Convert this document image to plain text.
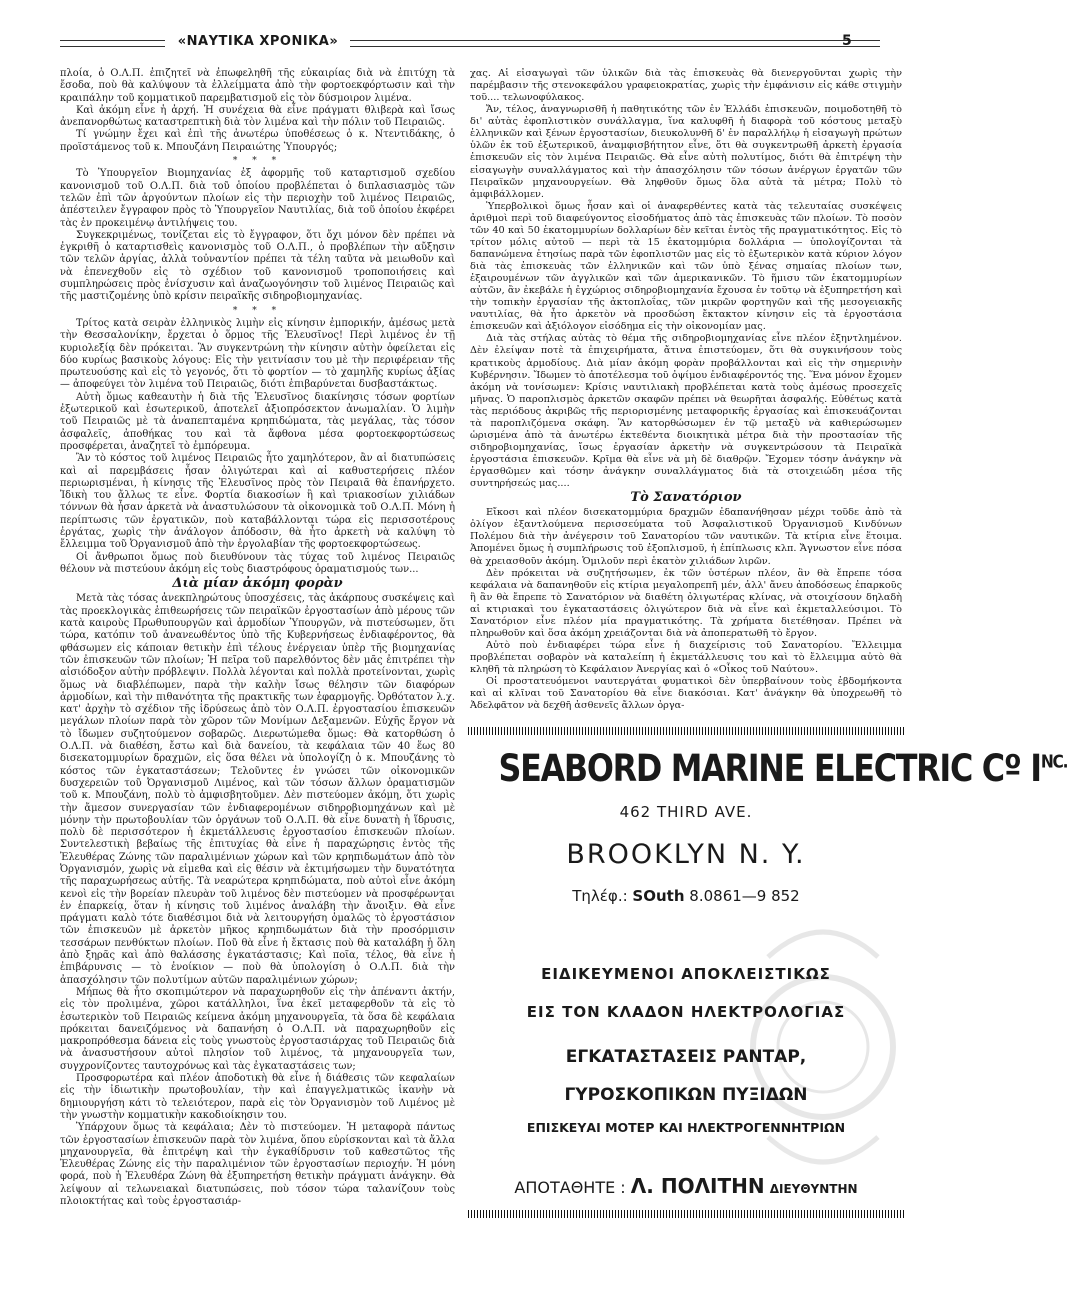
«ΝΑΥΤΙΚΑ ΧΡΟΝΙΚΑ»	5

πλοία, ὁ Ο.Λ.Π. ἐπιζητεῖ νὰ ἐπωφεληθῆ τῆς εὐκαιρίας διὰ νὰ ἐπιτύχη τὰ ἔσοδα, ποὺ θὰ καλύψουν τὰ ἐλλείμματα ἀπὸ τὴν φορτοεκφόρτωσιν καὶ τὴν κραιπάλην τοῦ κομματικοῦ παρεμβατισμοῦ εἰς τὸν δύσμοιρον λιμένα.

Καὶ ἀκόμη εἶνε ἡ ἀρχή. Ἡ συνέχεια θὰ εἶνε πράγματι θλιβερὰ καὶ ἴσως ἀνεπανορθώτως καταστρεπτικὴ διὰ τὸν λιμένα καὶ τὴν πόλιν τοῦ Πειραιῶς.

Τί γνώμην ἔχει καὶ ἐπὶ τῆς ἀνωτέρω ὑποθέσεως ὁ κ. Ντεντιδάκης, ὁ προϊστάμενος τοῦ κ. Μπουζάνη Πειραιώτης Ὑπουργός;

* * *

Τὸ Ὑπουργεῖον Βιομηχανίας ἐξ ἀφορμῆς τοῦ καταρτισμοῦ σχεδίου κανονισμοῦ τοῦ Ο.Λ.Π. διὰ τοῦ ὁποίου προβλέπεται ὁ διπλασιασμὸς τῶν τελῶν ἐπὶ τῶν ἀργούντων πλοίων εἰς τὴν περιοχὴν τοῦ λιμένος Πειραιῶς, ἀπέστειλεν ἔγγραφον πρὸς τὸ Ὑπουργεῖον Ναυτιλίας, διὰ τοῦ ὁποίου ἐκφέρει τὰς ἐν προκειμένῳ ἀντιλήψεις του.

Συγκεκριμένως, τονίζεται εἰς τὸ ἔγγραφον, ὅτι ὄχι μόνον δὲν πρέπει νὰ ἐγκριθῆ ὁ καταρτισθεὶς κανονισμὸς τοῦ Ο.Λ.Π., ὁ προβλέπων τὴν αὔξησιν τῶν τελῶν ἀργίας, ἀλλὰ τοὐναντίον πρέπει τὰ τέλη ταῦτα νὰ μειωθοῦν καὶ νὰ ἐπενεχθοῦν εἰς τὸ σχέδιον τοῦ κανονισμοῦ τροποποιήσεις καὶ συμπληρώσεις πρὸς ἐνίσχυσιν καὶ ἀναζωογόνησιν τοῦ λιμένος Πειραιῶς καὶ τῆς μαστιζομένης ὑπὸ κρίσιν πειραϊκῆς σιδηροβιομηχανίας.

* * *

Τρίτος κατὰ σειρὰν ἑλληνικὸς λιμὴν εἰς κίνησιν ἐμπορικήν, ἀμέσως μετὰ τὴν Θεσσαλονίκην, ἔρχεται ὁ ὅρμος τῆς Ἐλευσῖνος! Περὶ λιμένος ἐν τῇ κυριολεξίᾳ δὲν πρόκειται. Ἂν συγκεντρώνη τὴν κίνησιν αὐτὴν ὀφείλεται εἰς δύο κυρίως βασικοὺς λόγους: Εἰς τὴν γειτνίασιν του μὲ τὴν περιφέρειαν τῆς πρωτευούσης καὶ εἰς τὸ γεγονός, ὅτι τὸ φορτίον — τὸ χαμηλῆς κυρίως ἀξίας — ἀποφεύγει τὸν λιμένα τοῦ Πειραιῶς, διότι ἐπιβαρύνεται δυσβαστάκτως.

Αὐτὴ ὅμως καθεαυτὴν ἡ διὰ τῆς Ἐλευσῖνος διακίνησις τόσων φορτίων ἐξωτερικοῦ καὶ ἐσωτερικοῦ, ἀποτελεῖ ἀξιοπρόσεκτον ἀνωμαλίαν. Ὁ λιμὴν τοῦ Πειραιῶς μὲ τὰ ἀναπεπταμένα κρηπιδώματα, τὰς μεγάλας, τὰς τόσον ἀσφαλεῖς, ἀποθήκας του καὶ τὰ ἄφθονα μέσα φορτοεκφορτώσεως προσφέρεται, ἀναζητεῖ τὸ ἐμπόρευμα.

Ἂν τὸ κόστος τοῦ λιμένος Πειραιῶς ἦτο χαμηλότερον, ἂν αἱ διατυπώσεις καὶ αἱ παρεμβάσεις ἦσαν ὀλιγώτεραι καὶ αἱ καθυστερήσεις πλέον περιωρισμέναι, ἡ κίνησις τῆς Ἐλευσῖνος πρὸς τὸν Πειραιᾶ θὰ ἐπανήρχετο. Ἰδικὴ του ἄλλως τε εἶνε. Φορτία διακοσίων ἢ καὶ τριακοσίων χιλιάδων τόννων θὰ ἦσαν ἀρκετὰ νὰ ἀναστυλώσουν τὰ οἰκονομικὰ τοῦ Ο.Λ.Π. Μόνη ἡ περίπτωσις τῶν ἐργατικῶν, ποὺ καταβάλλονται τώρα εἰς περισσοτέρους ἐργάτας, χωρὶς τὴν ἀνάλογον ἀπόδοσιν, θὰ ἦτο ἀρκετὴ νὰ καλύψη τὸ ἔλλειμμα τοῦ Ὀργανισμοῦ ἀπὸ τὴν ἐργολαβίαν τῆς φορτοεκφορτώσεως.

Οἱ ἄνθρωποι ὅμως ποὺ διευθύνουν τὰς τύχας τοῦ λιμένος Πειραιῶς θέλουν νὰ πιστεύουν ἀκόμη εἰς τοὺς διαστρόφους ὁραματισμούς των...

Διὰ μίαν ἀκόμη φορὰν

Μετὰ τὰς τόσας ἀνεκπληρώτους ὑποσχέσεις, τὰς ἀκάρπους συσκέψεις καὶ τὰς προεκλογικὰς ἐπιθεωρήσεις τῶν πειραϊκῶν ἐργοστασίων ἀπὸ μέρους τῶν κατὰ καιροὺς Πρωθυπουργῶν καὶ ἁρμοδίων Ὑπουργῶν, νὰ πιστεύσωμεν, ὅτι τώρα, κατόπιν τοῦ ἀνανεωθέντος ὑπὸ τῆς Κυβερνήσεως ἐνδιαφέροντος, θὰ φθάσωμεν εἰς κάποιαν θετικὴν ἐπὶ τέλους ἐνέργειαν ὑπὲρ τῆς βιομηχανίας τῶν ἐπισκευῶν τῶν πλοίων; Ἡ πεῖρα τοῦ παρελθόντος δὲν μᾶς ἐπιτρέπει τὴν αἰσιόδοξον αὐτὴν πρόβλεψιν. Πολλὰ λέγονται καὶ πολλὰ προτείνονται, χωρὶς ὅμως νὰ διαβλέπωμεν, παρὰ τὴν καλὴν ἴσως θέλησιν τῶν διαφόρων ἁρμοδίων, καὶ τὴν πιθανότητα τῆς πρακτικῆς των ἐφαρμογῆς. Ὀρθότατον λ.χ. κατ' ἀρχὴν τὸ σχέδιον τῆς ἱδρύσεως ἀπὸ τὸν Ο.Λ.Π. ἐργοστασίου ἐπισκευῶν μεγάλων πλοίων παρὰ τὸν χῶρον τῶν Μονίμων Δεξαμενῶν. Εὐχῆς ἔργον νὰ τὸ ἴδωμεν συζητούμενον σοβαρῶς. Διερωτώμεθα ὅμως: Θὰ κατορθώση ὁ Ο.Λ.Π. νὰ διαθέση, ἔστω καὶ διὰ δανείου, τὰ κεφάλαια τῶν 40 ἕως 80 δισεκατομμυρίων δραχμῶν, εἰς ὅσα θέλει νὰ ὑπολογίζη ὁ κ. Μπουζάνης τὸ κόστος τῶν ἐγκαταστάσεων; Τελοῦντες ἐν γνώσει τῶν οἰκονομικῶν δυσχερειῶν τοῦ Ὀργανισμοῦ Λιμένος, καὶ τῶν τόσων ἄλλων ὁραματισμῶν τοῦ κ. Μπουζάνη, πολὺ τὸ ἀμφισβητοῦμεν. Δὲν πιστεύομεν ἀκόμη, ὅτι χωρὶς τὴν ἄμεσον συνεργασίαν τῶν ἐνδιαφερομένων σιδηροβιομηχάνων καὶ μὲ μόνην τὴν πρωτοβουλίαν τῶν ὀργάνων τοῦ Ο.Λ.Π. θὰ εἶνε δυνατὴ ἡ ἵδρυσις, πολὺ δὲ περισσότερον ἡ ἐκμετάλλευσις ἐργοστασίου ἐπισκευῶν πλοίων. Συντελεστικὴ βεβαίως τῆς ἐπιτυχίας θὰ εἶνε ἡ παραχώρησις ἐντὸς τῆς Ἐλευθέρας Ζώνης τῶν παραλιμένιων χώρων καὶ τῶν κρηπιδωμάτων ἀπὸ τὸν Ὀργανισμόν, χωρὶς νὰ εἰμεθα καὶ εἰς θέσιν νὰ ἐκτιμήσωμεν τὴν δυνατότητα τῆς παραχωρήσεως αὐτῆς. Τὰ νεαρώτερα κρηπιδώματα, ποὺ αὐτοὶ εἶνε ἀκόμη κενοὶ εἰς τὴν βορείαν πλευρὰν τοῦ λιμένος δὲν πιστεύομεν νὰ προσφέρωνται ἐν ἐπαρκείᾳ, ὅταν ἡ κίνησις τοῦ λιμένος ἀναλάβη τὴν ἄνοιξιν. Θὰ εἶνε πράγματι καλὸ τότε διαθέσιμοι διὰ νὰ λειτουργήση ὁμαλῶς τὸ ἐργοστάσιον τῶν ἐπισκευῶν μὲ ἀρκετὸν μῆκος κρηπιδωμάτων διὰ τὴν προσόρμισιν τεσσάρων πενθύκτων πλοίων. Ποῦ θὰ εἶνε ἡ ἔκτασις ποὺ θὰ καταλάβη ἡ ὅλη ἀπὸ ξηρᾶς καὶ ἀπὸ θαλάσσης ἐγκατάστασις; Καὶ ποῖα, τέλος, θὰ εἶνε ἡ ἐπιβάρυνσις — τὸ ἐνοίκιον — ποὺ θὰ ὑπολογίση ὁ Ο.Λ.Π. διὰ τὴν ἀπασχόλησιν τῶν πολυτίμων αὐτῶν παραλιμένιων χώρων;

Μήπως θὰ ἦτο σκοπιμώτερον νὰ παραχωρηθοῦν εἰς τὴν ἀπέναντι ἀκτήν, εἰς τὸν προλιμένα, χῶροι κατάλληλοι, ἵνα ἐκεῖ μεταφερθοῦν τὰ εἰς τὸ ἐσωτερικὸν τοῦ Πειραιῶς κείμενα ἀκόμη μηχανουργεῖα, τὰ ὅσα δὲ κεφάλαια πρόκειται δανειζόμενος νὰ δαπανήση ὁ Ο.Λ.Π. νὰ παραχωρηθοῦν εἰς μακροπρόθεσμα δάνεια εἰς τοὺς γνωστοὺς ἐργοστασιάρχας τοῦ Πειραιῶς διὰ νὰ ἀνασυστήσουν αὐτοὶ πλησίον τοῦ λιμένος, τὰ μηχανουργεῖα των, συγχρονίζοντες ταυτοχρόνως καὶ τὰς ἐγκαταστάσεις των;

Προσφορωτέρα καὶ πλέον ἀποδοτικὴ θὰ εἶνε ἡ διάθεσις τῶν κεφαλαίων εἰς τὴν ἰδιωτικὴν πρωτοβουλίαν, τὴν καὶ ἐπαγγελματικῶς ἱκανὴν νὰ δημιουργήση κάτι τὸ τελειότερον, παρὰ εἰς τὸν Ὀργανισμὸν τοῦ Λιμένος μὲ τὴν γνωστὴν κομματικὴν κακοδιοίκησιν του.

Ὑπάρχουν ὅμως τὰ κεφάλαια; Δὲν τὸ πιστεύομεν. Ἡ μεταφορὰ πάντως τῶν ἐργοστασίων ἐπισκευῶν παρὰ τὸν λιμένα, ὅπου εὑρίσκονται καὶ τὰ ἄλλα μηχανουργεῖα, θὰ ἐπιτρέψη καὶ τὴν ἐγκαθίδρυσιν τοῦ καθεστῶτος τῆς Ἐλευθέρας Ζώνης εἰς τὴν παραλιμένιον τῶν ἐργοστασίων περιοχήν. Ἡ μόνη φορά, ποὺ ἡ Ἐλευθέρα Ζώνη θὰ ἐξυπηρετήση θετικὴν πράγματι ἀνάγκην. Θὰ λείψουν αἱ τελωνειακαὶ διατυπώσεις, ποὺ τόσον τώρα ταλανίζουν τοὺς πλοιοκτήτας καὶ τοὺς ἐργοστασιάρ-

χας. Αἱ εἰσαγωγαὶ τῶν ὑλικῶν διὰ τὰς ἐπισκευὰς θὰ διενεργοῦνται χωρὶς τὴν παρέμβασιν τῆς στενοκεφάλου γραφειοκρατίας, χωρὶς τὴν ἐμφάνισιν εἰς κάθε στιγμὴν τοῦ.... τελωνοφύλακος.

Ἄν, τέλος, ἀναγνωρισθῆ ἡ παθητικότης τῶν ἐν Ἑλλάδι ἐπισκευῶν, ποιμοδοτηθῆ τὸ δι' αὐτὰς ἐφοπλιστικὸν συνάλλαγμα, ἵνα καλυφθῆ ἡ διαφορὰ τοῦ κόστους μεταξὺ ἑλληνικῶν καὶ ξένων ἐργοστασίων, διευκολυνθῆ δ' ἐν παραλλήλῳ ἡ εἰσαγωγὴ πρώτων ὑλῶν ἐκ τοῦ ἐξωτερικοῦ, ἀναμφισβήτητον εἶνε, ὅτι θὰ συγκεντρωθῆ ἀρκετὴ ἐργασία ἐπισκευῶν εἰς τὸν λιμένα Πειραιῶς. Θὰ εἶνε αὐτὴ πολυτίμος, διότι θὰ ἐπιτρέψη τὴν εἰσαγωγὴν συναλλάγματος καὶ τὴν ἀπασχόλησιν τῶν τόσων ἀνέργων ἐργατῶν τῶν Πειραϊκῶν μηχανουργείων. Θὰ ληφθοῦν ὅμως ὅλα αὐτὰ τὰ μέτρα; Πολὺ τὸ ἀμφιβάλλομεν.

Ὑπερβολικοὶ ὅμως ἦσαν καὶ οἱ ἀναφερθέντες κατὰ τὰς τελευταίας συσκέψεις ἀριθμοὶ περὶ τοῦ διαφεύγοντος εἰσοδήματος ἀπὸ τὰς ἐπισκευὰς τῶν πλοίων. Τὸ ποσὸν τῶν 40 καὶ 50 ἑκατομμυρίων δολλαρίων δὲν κεῖται ἐντὸς τῆς πραγματικότητος. Εἰς τὸ τρίτον μόλις αὐτοῦ — περὶ τὰ 15 ἑκατομμύρια δολλάρια — ὑπολογίζονται τὰ δαπανώμενα ἐτησίως παρὰ τῶν ἐφοπλιστῶν μας εἰς τὸ ἐξωτερικὸν κατὰ κύριον λόγον διὰ τὰς ἐπισκευὰς τῶν ἑλληνικῶν καὶ τῶν ὑπὸ ξένας σημαίας πλοίων των, ἐξαιρουμένων τῶν ἀγγλικῶν καὶ τῶν ἀμερικανικῶν. Τὸ ἥμισυ τῶν ἑκατομμυρίων αὐτῶν, ἂν ἐκεβάλε ἡ ἐγχώριος σιδηροβιομηχανία ἔχουσα ἐν τοῦτῳ νὰ ἐξυπηρετήση καὶ τὴν τοπικὴν ἐργασίαν τῆς ἀκτοπλοΐας, τῶν μικρῶν φορτηγῶν καὶ τῆς μεσογειακῆς ναυτιλίας, θὰ ἦτο ἀρκετὸν νὰ προσδώση ἔκτακτον κίνησιν εἰς τὰ ἐργοστάσια ἐπισκευῶν καὶ ἀξιόλογον εἰσόδημα εἰς τὴν οἰκονομίαν μας.

Διὰ τὰς στήλας αὐτὰς τὸ θέμα τῆς σιδηροβιομηχανίας εἶνε πλέον ἐξηντλημένον. Δὲν ἐλείψαν ποτὲ τὰ ἐπιχειρήματα, ἄτινα ἐπιστεύομεν, ὅτι θὰ συγκινήσουν τοὺς κρατικοὺς ἁρμοδίους. Διὰ μίαν ἀκόμη φορὰν προβάλλονται καὶ εἰς τὴν σημερινὴν Κυβέρνησιν. Ἴδωμεν τὸ ἀποτέλεσμα τοῦ ὀψίμου ἐνδιαφέροντός της. Ἕνα μόνον ἔχομεν ἀκόμη νὰ τονίσωμεν: Κρίσις ναυτιλιακὴ προβλέπεται κατὰ τοὺς ἀμέσως προσεχεῖς μῆνας. Ὁ παροπλισμὸς ἀρκετῶν σκαφῶν πρέπει νὰ θεωρῆται ἀσφαλής. Εὐθέτως κατὰ τὰς περιόδους ἀκριβῶς τῆς περιορισμένης μεταφορικῆς ἐργασίας καὶ ἐπισκευάζονται τὰ παροπλιζόμενα σκάφη. Ἂν κατορθώσωμεν ἐν τῷ μεταξὺ νὰ καθιερώσωμεν ὡρισμένα ἀπὸ τὰ ἀνωτέρω ἐκτεθέντα διοικητικὰ μέτρα διὰ τὴν προστασίαν τῆς σιδηροβιομηχανίας, ἴσως ἐργασίαν ἀρκετὴν νὰ συγκεντρώσουν τὰ Πειραϊκὰ ἐργοστάσια ἐπισκευῶν. Κρῖμα θὰ εἶνε νὰ μὴ δὲ διαθρῷν. Ἔχομεν τόσην ἀνάγκην νὰ ἐργασθῶμεν καὶ τόσην ἀνάγκην συναλλάγματος διὰ τὰ στοιχειώδη μέσα τῆς συντηρήσεώς μας....

Τὸ Σανατόριον

Εἴκοσι καὶ πλέον δισεκατομμύρια δραχμῶν ἐδαπανήθησαν μέχρι τοῦδε ἀπὸ τὰ ὀλίγον ἐξαντλούμενα περισσεύματα τοῦ Ἀσφαλιστικοῦ Ὀργανισμοῦ Κινδύνων Πολέμου διὰ τὴν ἀνέγερσιν τοῦ Σανατορίου τῶν ναυτικῶν. Τὰ κτίρια εἶνε ἕτοιμα. Ἀπομένει ὅμως ἡ συμπλήρωσις τοῦ ἐξοπλισμοῦ, ἡ ἐπίπλωσις κλπ. Ἄγνωστον εἶνε πόσα θὰ χρειασθοῦν ἀκόμη. Ὁμιλοῦν περὶ ἑκατὸν χιλιάδων λιρῶν.

Δὲν πρόκειται νὰ συζητήσωμεν, ἐκ τῶν ὑστέρων πλέον, ἂν θὰ ἔπρεπε τόσα κεφάλαια νὰ δαπανηθοῦν εἰς κτίρια μεγαλοπρεπῆ μέν, ἀλλ' ἄνευ ἀποδόσεως ἐπαρκοῦς ἢ ἂν θὰ ἔπρεπε τὸ Σανατόριον νὰ διαθέτη ὀλιγωτέρας κλίνας, νὰ στοιχίσουν δηλαδὴ αἱ κτιριακαὶ του ἐγκαταστάσεις ὀλιγώτερον διὰ νὰ εἶνε καὶ ἐκμεταλλεύσιμοι. Τὸ Σανατόριον εἶνε πλέον μία πραγματικότης. Τὰ χρήματα διετέθησαν. Πρέπει νὰ πληρωθοῦν καὶ ὅσα ἀκόμη χρειάζονται διὰ νὰ ἀποπερατωθῆ τὸ ἔργον.

Αὐτὸ ποὺ ἐνδιαφέρει τώρα εἶνε ἡ διαχείρισις τοῦ Σανατορίου. Ἔλλειμμα προβλέπεται σοβαρὸν νὰ καταλείπη ἡ ἐκμετάλλευσις του καὶ τὸ ἔλλειμμα αὐτὸ θὰ κληθῆ τὰ πληρώση τὸ Κεφάλαιον Ἀνεργίας καὶ ὁ «Οἶκος τοῦ Ναύτου».

Οἱ προστατευόμενοι ναυτεργάται φυματικοὶ δὲν ὑπερβαίνουν τοὺς ἑβδομήκοντα καὶ αἱ κλῖναι τοῦ Σανατορίου θὰ εἶνε διακόσιαι. Κατ' ἀνάγκην θὰ ὑποχρεωθῆ τὸ Ἀδελφᾶτον νὰ δεχθῆ ἀσθενεῖς ἄλλων ὀργα-

SEABORD MARINE ELECTRIC Cº $I^{NC.}$
462 THIRD AVE.
BROOKLYN N. Y.
Τηλέφ.: SOuth 8.0861—9 852
ΕΙΔΙΚΕΥΜΕΝΟΙ ΑΠΟΚΛΕΙΣΤΙΚΩΣ
ΕΙΣ ΤΟΝ ΚΛΑΔΟΝ ΗΛΕΚΤΡΟΛΟΓΙΑΣ
ΕΓΚΑΤΑΣΤΑΣΕΙΣ ΡΑΝΤΑΡ,
ΓΥΡΟΣΚΟΠΙΚΩΝ ΠΥΞΙΔΩΝ
ΕΠΙΣΚΕΥΑΙ ΜΟΤΕΡ ΚΑΙ ΗΛΕΚΤΡΟΓΕΝΝΗΤΡΙΩΝ
ΑΠΟΤΑΘΗΤΕ : Λ. ΠΟΛΙΤΗΝ ΔΙΕΥΘΥΝΤΗΝ
